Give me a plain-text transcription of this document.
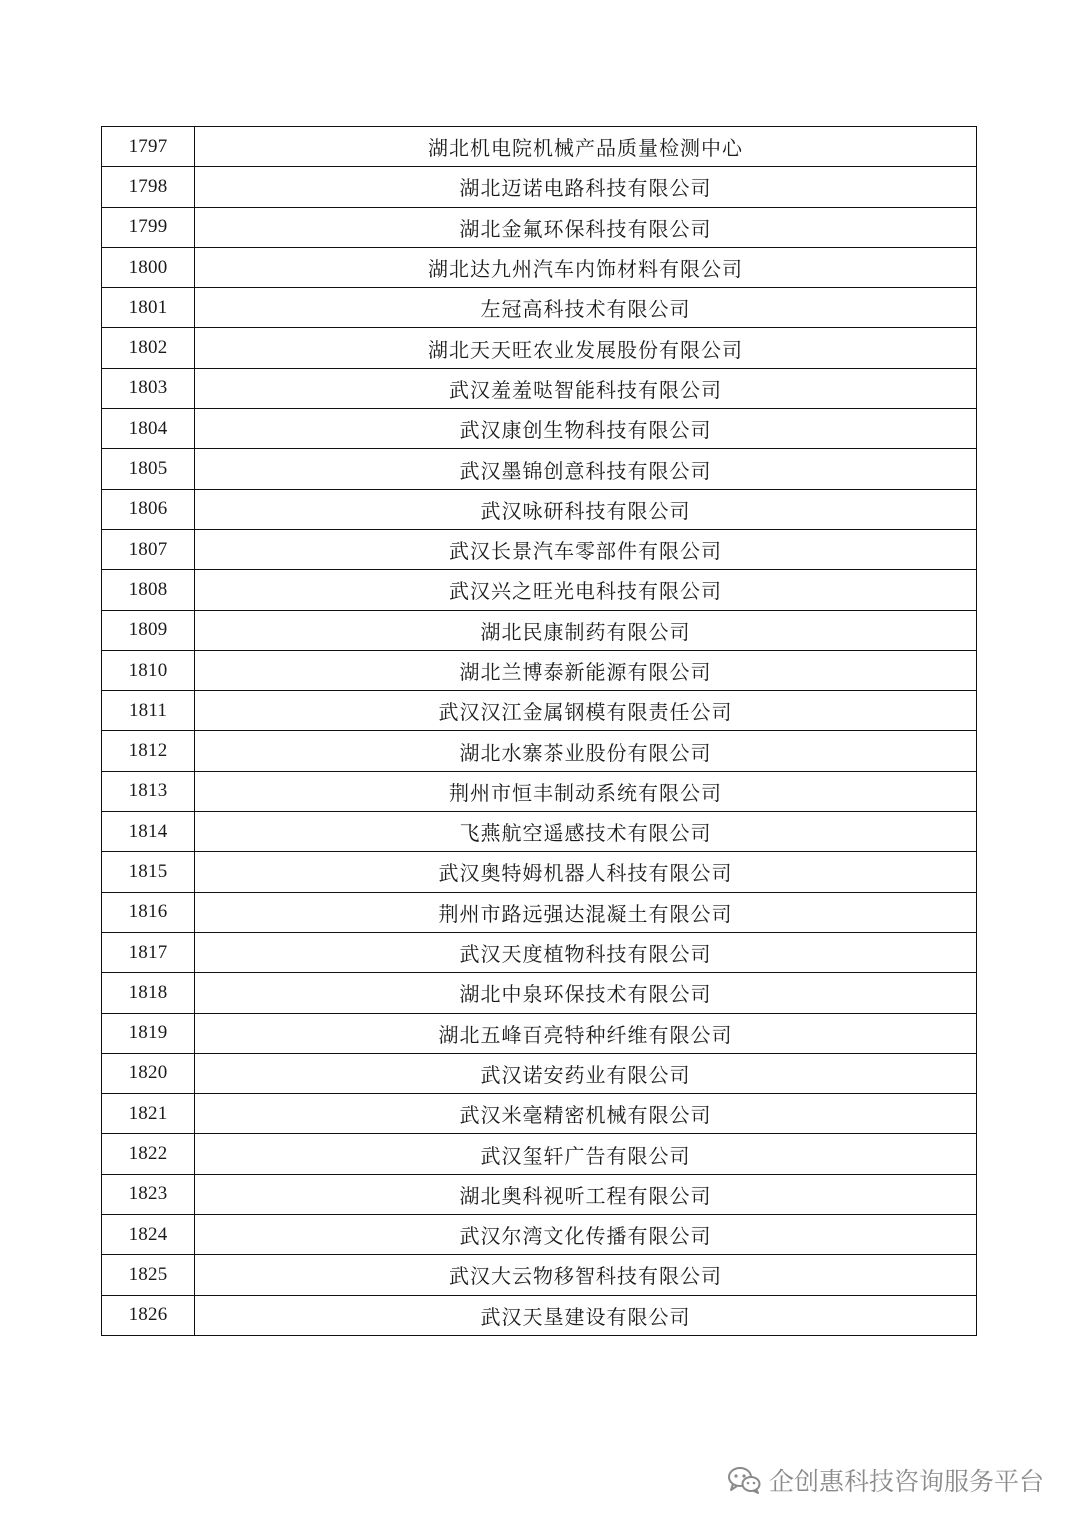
1797	湖北机电院机械产品质量检测中心
1798	湖北迈诺电路科技有限公司
1799	湖北金氟环保科技有限公司
1800	湖北达九州汽车内饰材料有限公司
1801	左冠高科技术有限公司
1802	湖北天天旺农业发展股份有限公司
1803	武汉羞羞哒智能科技有限公司
1804	武汉康创生物科技有限公司
1805	武汉墨锦创意科技有限公司
1806	武汉咏研科技有限公司
1807	武汉长景汽车零部件有限公司
1808	武汉兴之旺光电科技有限公司
1809	湖北民康制药有限公司
1810	湖北兰博泰新能源有限公司
1811	武汉汉江金属钢模有限责任公司
1812	湖北水寨茶业股份有限公司
1813	荆州市恒丰制动系统有限公司
1814	飞燕航空遥感技术有限公司
1815	武汉奥特姆机器人科技有限公司
1816	荆州市路远强达混凝土有限公司
1817	武汉天度植物科技有限公司
1818	湖北中泉环保技术有限公司
1819	湖北五峰百亮特种纤维有限公司
1820	武汉诺安药业有限公司
1821	武汉米毫精密机械有限公司
1822	武汉玺轩广告有限公司
1823	湖北奥科视听工程有限公司
1824	武汉尔湾文化传播有限公司
1825	武汉大云物移智科技有限公司
1826	武汉天垦建设有限公司
企创惠科技咨询服务平台
